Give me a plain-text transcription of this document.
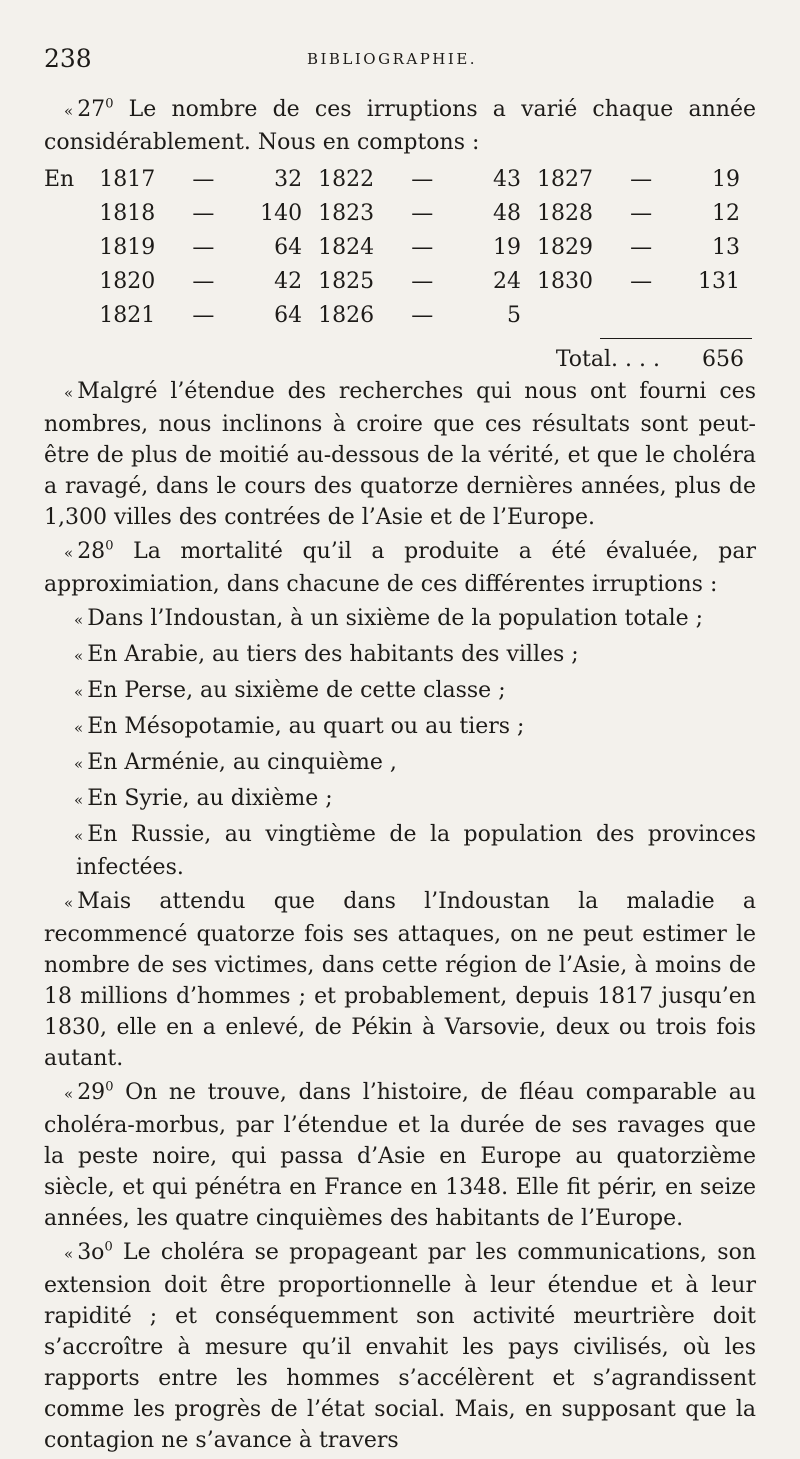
238	BIBLIOGRAPHIE.

« $27^0$ Le nombre de ces irruptions a varié chaque année considérablement. Nous en comptons :

En	1817	—	32	1822	—	43	1827	—	19
	1818	—	140	1823	—	48	1828	—	12
	1819	—	64	1824	—	19	1829	—	13
	1820	—	42	1825	—	24	1830	—	131
	1821	—	64	1826	—	5			
Total. . . . 656

« Malgré l’étendue des recherches qui nous ont fourni ces nombres, nous inclinons à croire que ces résultats sont peut-être de plus de moitié au-dessous de la vérité, et que le choléra a ravagé, dans le cours des quatorze dernières années, plus de 1,300 villes des contrées de l’Asie et de l’Europe.

« $28^0$ La mortalité qu’il a produite a été évaluée, par approximiation, dans chacune de ces différentes irruptions :

« Dans l’Indoustan, à un sixième de la population totale ;

« En Arabie, au tiers des habitants des villes ;

« En Perse, au sixième de cette classe ;

« En Mésopotamie, au quart ou au tiers ;

« En Arménie, au cinquième ,

« En Syrie, au dixième ;

« En Russie, au vingtième de la population des provinces infectées.

« Mais attendu que dans l’Indoustan la maladie a recommencé quatorze fois ses attaques, on ne peut estimer le nombre de ses victimes, dans cette région de l’Asie, à moins de 18 millions d’hommes ; et probablement, depuis 1817 jusqu’en 1830, elle en a enlevé, de Pékin à Varsovie, deux ou trois fois autant.

« $29^0$ On ne trouve, dans l’histoire, de fléau comparable au choléra-morbus, par l’étendue et la durée de ses ravages que la peste noire, qui passa d’Asie en Europe au quatorzième siècle, et qui pénétra en France en 1348. Elle fit périr, en seize années, les quatre cinquièmes des habitants de l’Europe.

« $3o^0$ Le choléra se propageant par les communications, son extension doit être proportionnelle à leur étendue et à leur rapidité ; et conséquemment son activité meurtrière doit s’accroître à mesure qu’il envahit les pays civilisés, où les rapports entre les hommes s’accélèrent et s’agrandissent comme les progrès de l’état social. Mais, en supposant que la contagion ne s’avance à travers
